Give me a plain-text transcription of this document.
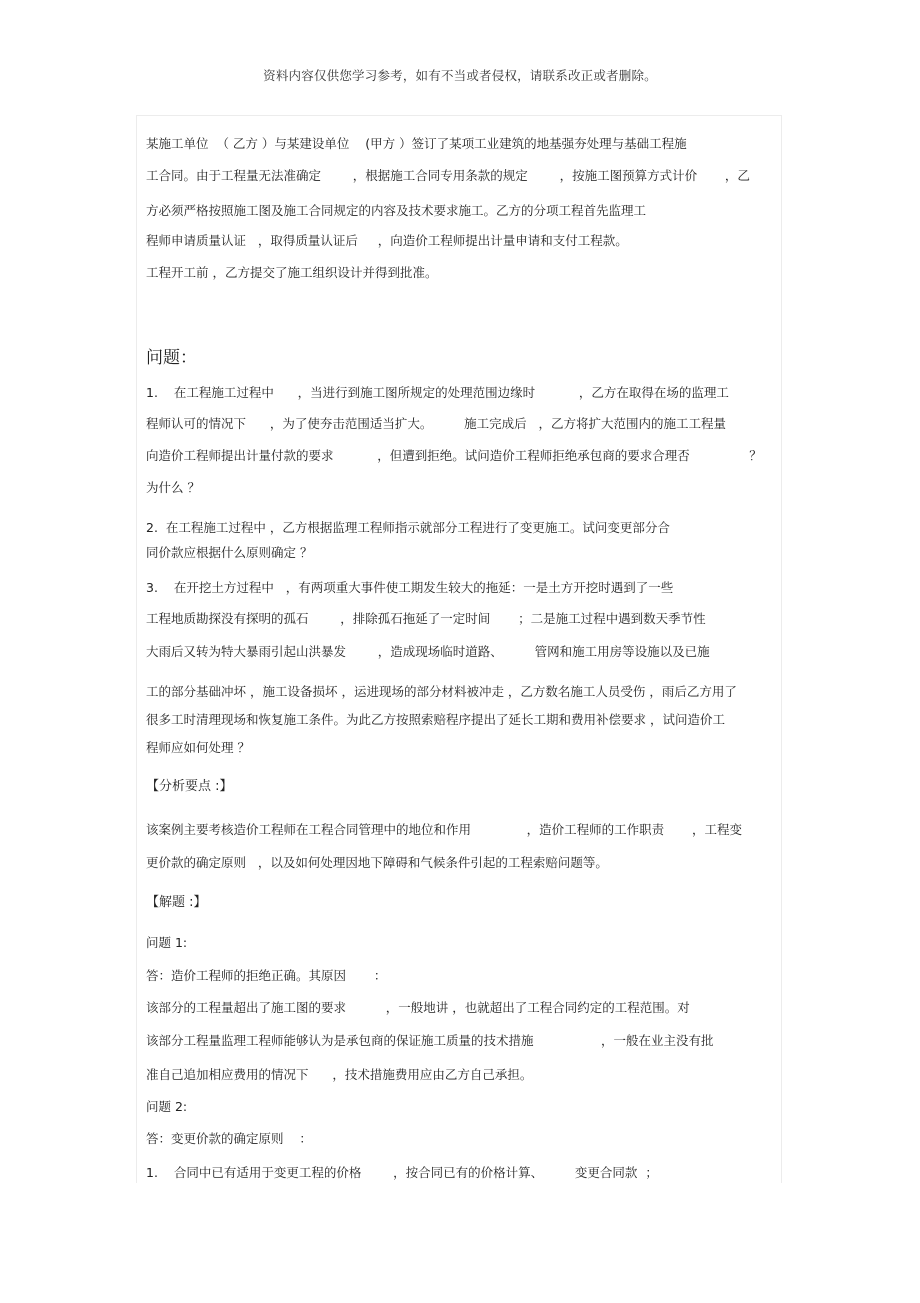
资料内容仅供您学习参考，如有不当或者侵权，请联系改正或者删除。
某施工单位  （ 乙方 ）与某建设单位    (甲方 ）签订了某项工业建筑的地基强夯处理与基础工程施
工合同。由于工程量无法准确定        ，根据施工合同专用条款的规定        ，按施工图预算方式计价       ，乙
方必须严格按照施工图及施工合同规定的内容及技术要求施工。乙方的分项工程首先监理工
程师申请质量认证   ，取得质量认证后     ，向造价工程师提出计量申请和支付工程款。
工程开工前 ，乙方提交了施工组织设计并得到批准。
问题：
1.    在工程施工过程中      ，当进行到施工图所规定的处理范围边缘时           ，乙方在取得在场的监理工
程师认可的情况下      ，为了使夯击范围适当扩大。        施工完成后   ，乙方将扩大范围内的施工工程量
向造价工程师提出计量付款的要求           ，但遭到拒绝。试问造价工程师拒绝承包商的要求合理否               ？
为什么 ？
2.  在工程施工过程中 ，乙方根据监理工程师指示就部分工程进行了变更施工。试问变更部分合
同价款应根据什么原则确定 ？
3.    在开挖土方过程中   ，有两项重大事件使工期发生较大的拖延：一是土方开挖时遇到了一些
工程地质勘探没有探明的孤石        ，排除孤石拖延了一定时间       ；二是施工过程中遇到数天季节性
大雨后又转为特大暴雨引起山洪暴发        ，造成现场临时道路、        管网和施工用房等设施以及已施
工的部分基础冲坏 ，施工设备损坏 ，运进现场的部分材料被冲走 ，乙方数名施工人员受伤 ，雨后乙方用了
很多工时清理现场和恢复施工条件。为此乙方按照索赔程序提出了延长工期和费用补偿要求 ，试问造价工
程师应如何处理 ？
【分析要点 :】
该案例主要考核造价工程师在工程合同管理中的地位和作用              ，造价工程师的工作职责       ，工程变
更价款的确定原则   ，以及如何处理因地下障碍和气候条件引起的工程索赔问题等。
【解题 :】
问题 1:
答：造价工程师的拒绝正确。其原因       ：
该部分的工程量超出了施工图的要求          ，一般地讲 ，也就超出了工程合同约定的工程范围。对
该部分工程量监理工程师能够认为是承包商的保证施工质量的技术措施                 ，一般在业主没有批
准自己追加相应费用的情况下      ，技术措施费用应由乙方自己承担。
问题 2:
答：变更价款的确定原则    ：
1.    合同中已有适用于变更工程的价格        ，按合同已有的价格计算、        变更合同款  ；
